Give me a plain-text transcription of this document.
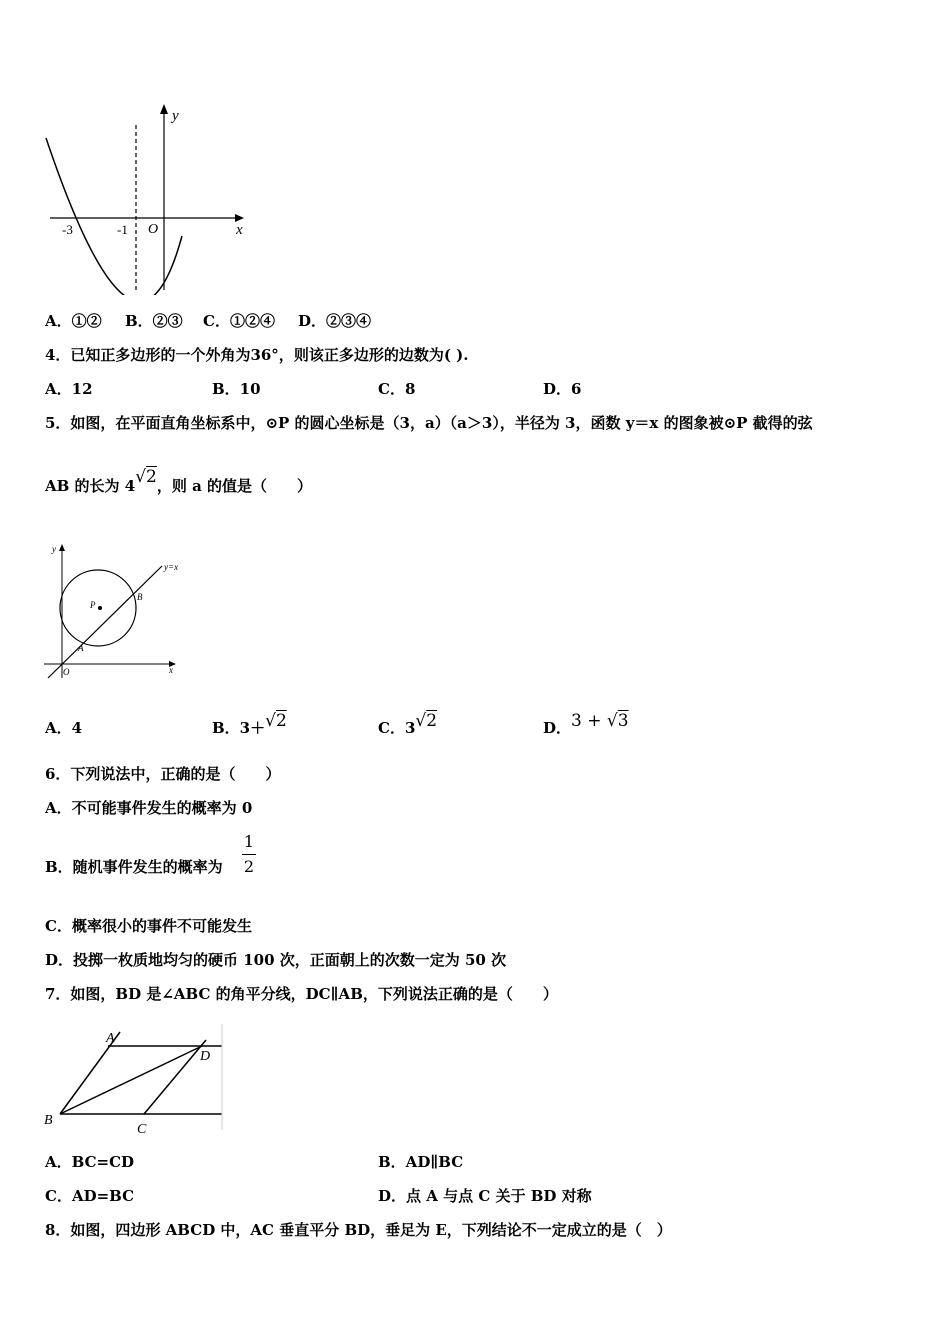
y
x
O
-3	-1
A．①② B．②③ C．①②④ D．②③④
4．已知正多边形的一个外角为36°，则该正多边形的边数为( ).
A．12	B．10	C．8	D．6
5．如图，在平面直角坐标系中，⊙P 的圆心坐标是（3，a）（a＞3），半径为 3，函数 y＝x 的图象被⊙P 截得的弦
AB 的长为 4√2，则 a 的值是（　　）
y
x
y=x
O
P
A
B
A．4	B．3＋√2	C．3√2	D．3 + √3
6．下列说法中，正确的是（　　）
A．不可能事件发生的概率为 0
B．随机事件发生的概率为
1
2
C．概率很小的事件不可能发生
D．投掷一枚质地均匀的硬币 100 次，正面朝上的次数一定为 50 次
7．如图，BD 是∠ABC 的角平分线，DC∥AB，下列说法正确的是（　　）
A
B
C
D
A．BC=CD	B．AD∥BC
C．AD=BC	D．点 A 与点 C 关于 BD 对称
8．如图，四边形 ABCD 中，AC 垂直平分 BD，垂足为 E，下列结论不一定成立的是（　）
